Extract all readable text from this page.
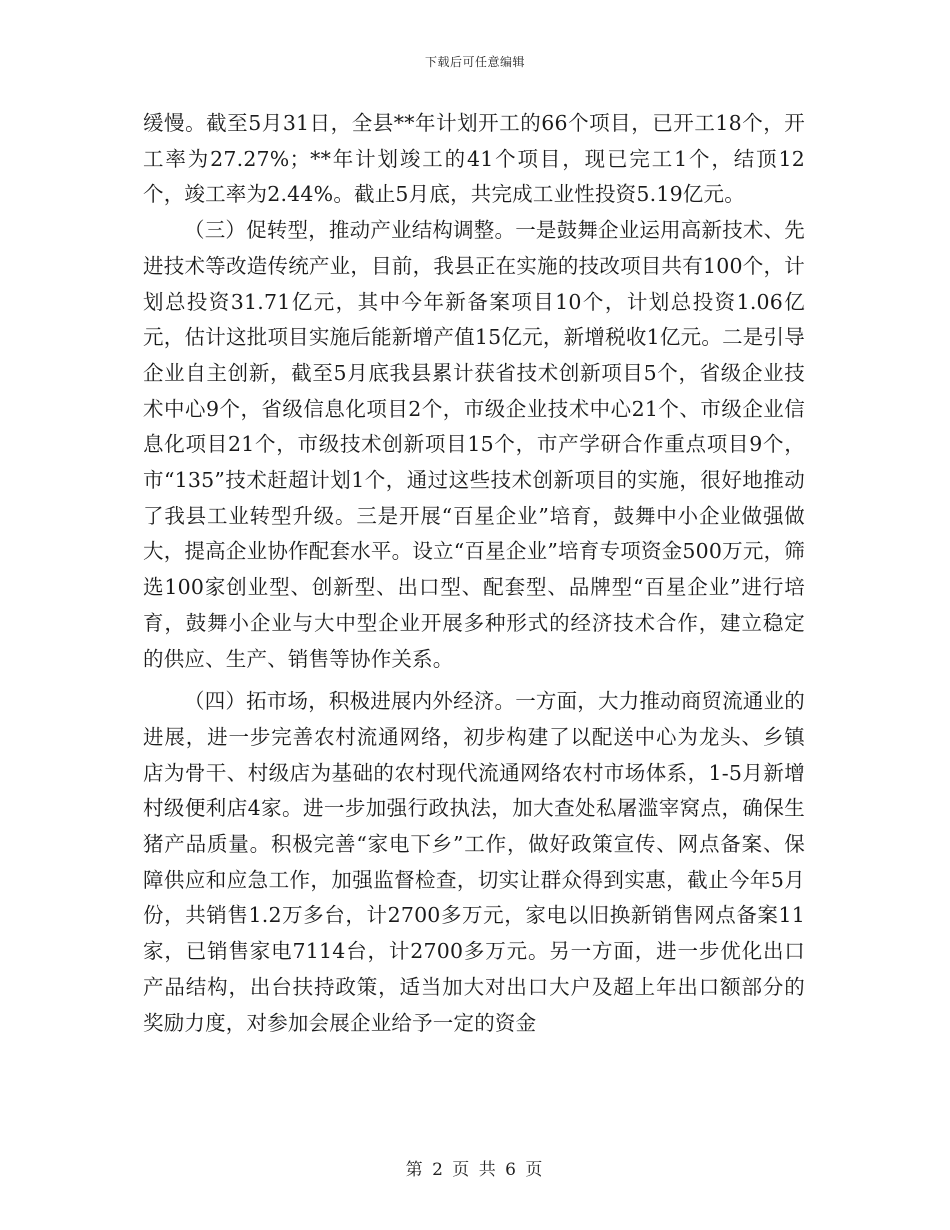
下载后可任意编辑

缓慢。截至5月31日，全县**年计划开工的66个项目，已开工18个，开工率为27.27%；**年计划竣工的41个项目，现已完工1个，结顶12个，竣工率为2.44%。截止5月底，共完成工业性投资5.19亿元。

（三）促转型，推动产业结构调整。一是鼓舞企业运用高新技术、先进技术等改造传统产业，目前，我县正在实施的技改项目共有100个，计划总投资31.71亿元，其中今年新备案项目10个，计划总投资1.06亿元，估计这批项目实施后能新增产值15亿元，新增税收1亿元。二是引导企业自主创新，截至5月底我县累计获省技术创新项目5个，省级企业技术中心9个，省级信息化项目2个，市级企业技术中心21个、市级企业信息化项目21个，市级技术创新项目15个，市产学研合作重点项目9个，市“135”技术赶超计划1个，通过这些技术创新项目的实施，很好地推动了我县工业转型升级。三是开展“百星企业”培育，鼓舞中小企业做强做大，提高企业协作配套水平。设立“百星企业”培育专项资金500万元，筛选100家创业型、创新型、出口型、配套型、品牌型“百星企业”进行培育，鼓舞小企业与大中型企业开展多种形式的经济技术合作，建立稳定的供应、生产、销售等协作关系。

（四）拓市场，积极进展内外经济。一方面，大力推动商贸流通业的进展，进一步完善农村流通网络，初步构建了以配送中心为龙头、乡镇店为骨干、村级店为基础的农村现代流通网络农村市场体系，1-5月新增村级便利店4家。进一步加强行政执法，加大查处私屠滥宰窝点，确保生猪产品质量。积极完善“家电下乡”工作，做好政策宣传、网点备案、保障供应和应急工作，加强监督检查，切实让群众得到实惠，截止今年5月份，共销售1.2万多台，计2700多万元，家电以旧换新销售网点备案11家，已销售家电7114台，计2700多万元。另一方面，进一步优化出口产品结构，出台扶持政策，适当加大对出口大户及超上年出口额部分的奖励力度，对参加会展企业给予一定的资金

第 2 页 共 6 页
